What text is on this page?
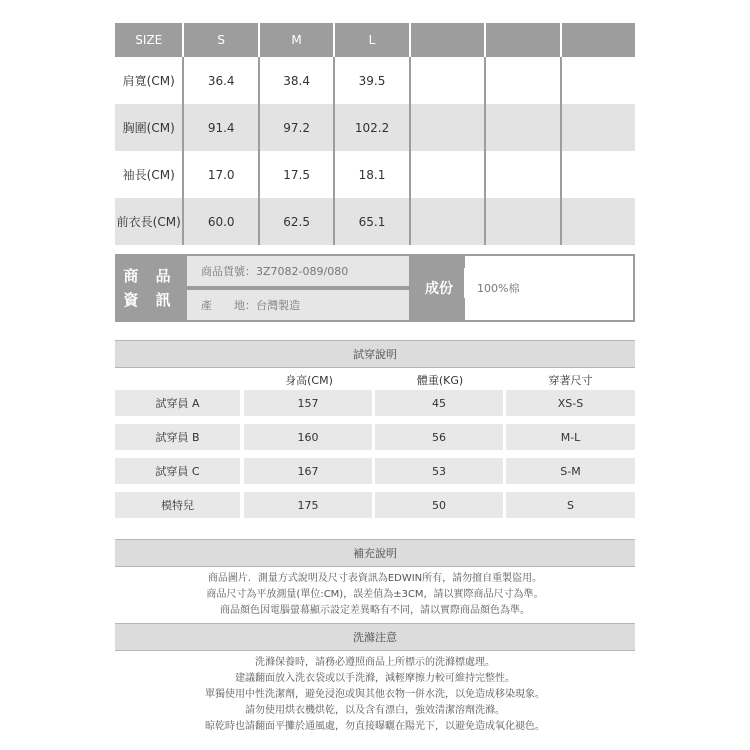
SIZE	S	M	L
肩寬(CM)	36.4	38.4	39.5
胸圍(CM)	91.4	97.2	102.2
袖長(CM)	17.0	17.5	18.1
前衣長(CM)	60.0	62.5	65.1
商 品
資 訊
商品貨號：3Z7082-089/080
產　　地：台灣製造
成份	100%棉
試穿說明
身高(CM)	體重(KG)	穿著尺寸
試穿員 A	157	45	XS-S
試穿員 B	160	56	M-L
試穿員 C	167	53	S-M
模特兒	175	50	S
補充說明
商品圖片．測量方式說明及尺寸表資訊為EDWIN所有，請勿擅自重製盜用。
商品尺寸為平放測量(單位:CM)，誤差值為±3CM，請以實際商品尺寸為準。
商品顏色因電腦螢幕顯示設定差異略有不同，請以實際商品顏色為準。
洗滌注意
洗滌保養時，請務必遵照商品上所標示的洗滌標處理。
建議翻面放入洗衣袋或以手洗滌，減輕摩擦力較可維持完整性。
單獨使用中性洗潔劑，避免浸泡或與其他衣物一併水洗，以免造成移染現象。
請勿使用烘衣機烘乾，以及含有漂白，強效清潔溶劑洗滌。
晾乾時也請翻面平攤於通風處，勿直接曝曬在陽光下，以避免造成氧化褪色。
